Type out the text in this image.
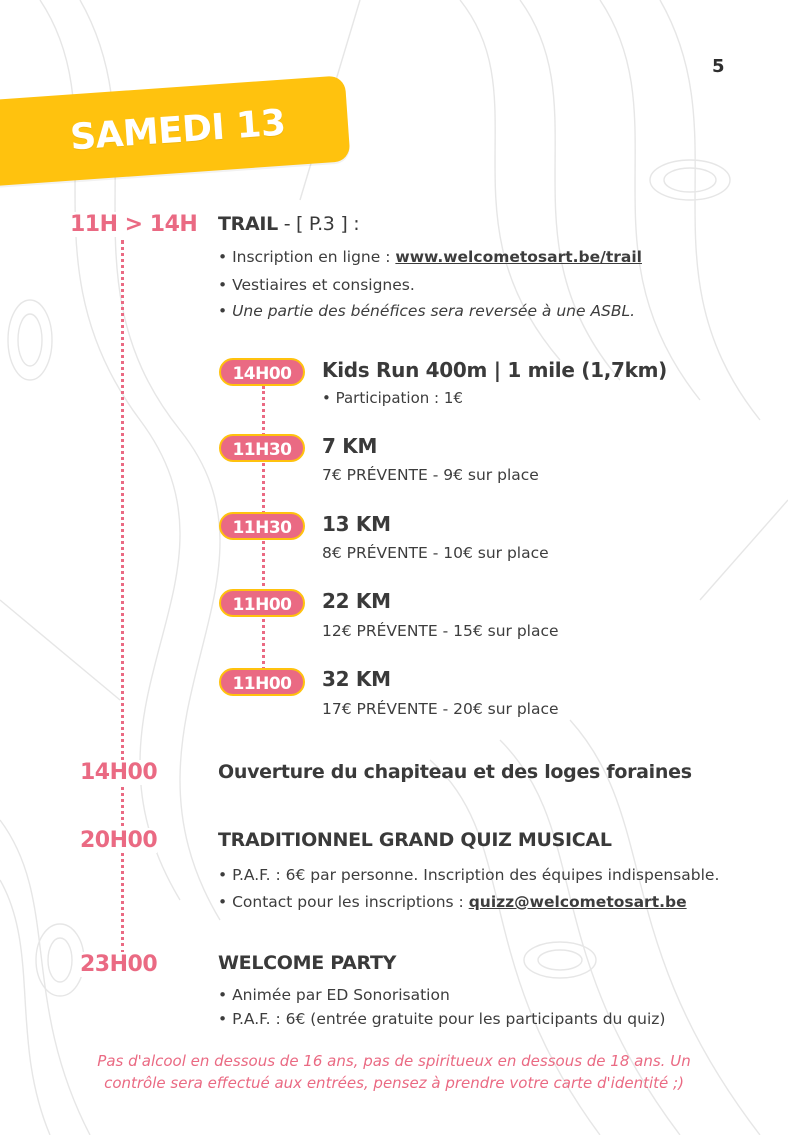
5
SAMEDI 13
11H > 14H TRAIL - [ P.3 ] :
• Inscription en ligne : www.welcometosart.be/trail
• Vestiaires et consignes.
• Une partie des bénéfices sera reversée à une ASBL.
14H00	Kids Run 400m | 1 mile (1,7km)
• Participation : 1€
11H30	7 KM
7€ PRÉVENTE - 9€ sur place
11H30	13 KM
8€ PRÉVENTE - 10€ sur place
11H00	22 KM
12€ PRÉVENTE - 15€ sur place
11H00	32 KM
17€ PRÉVENTE - 20€ sur place
14H00	Ouverture du chapiteau et des loges foraines
20H00	TRADITIONNEL GRAND QUIZ MUSICAL
• P.A.F. : 6€ par personne. Inscription des équipes indispensable.
• Contact pour les inscriptions : quizz@welcometosart.be
23H00	WELCOME PARTY
• Animée par ED Sonorisation
• P.A.F. : 6€ (entrée gratuite pour les participants du quiz)
Pas d'alcool en dessous de 16 ans, pas de spiritueux en dessous de 18 ans. Un
contrôle sera effectué aux entrées, pensez à prendre votre carte d'identité ;)
